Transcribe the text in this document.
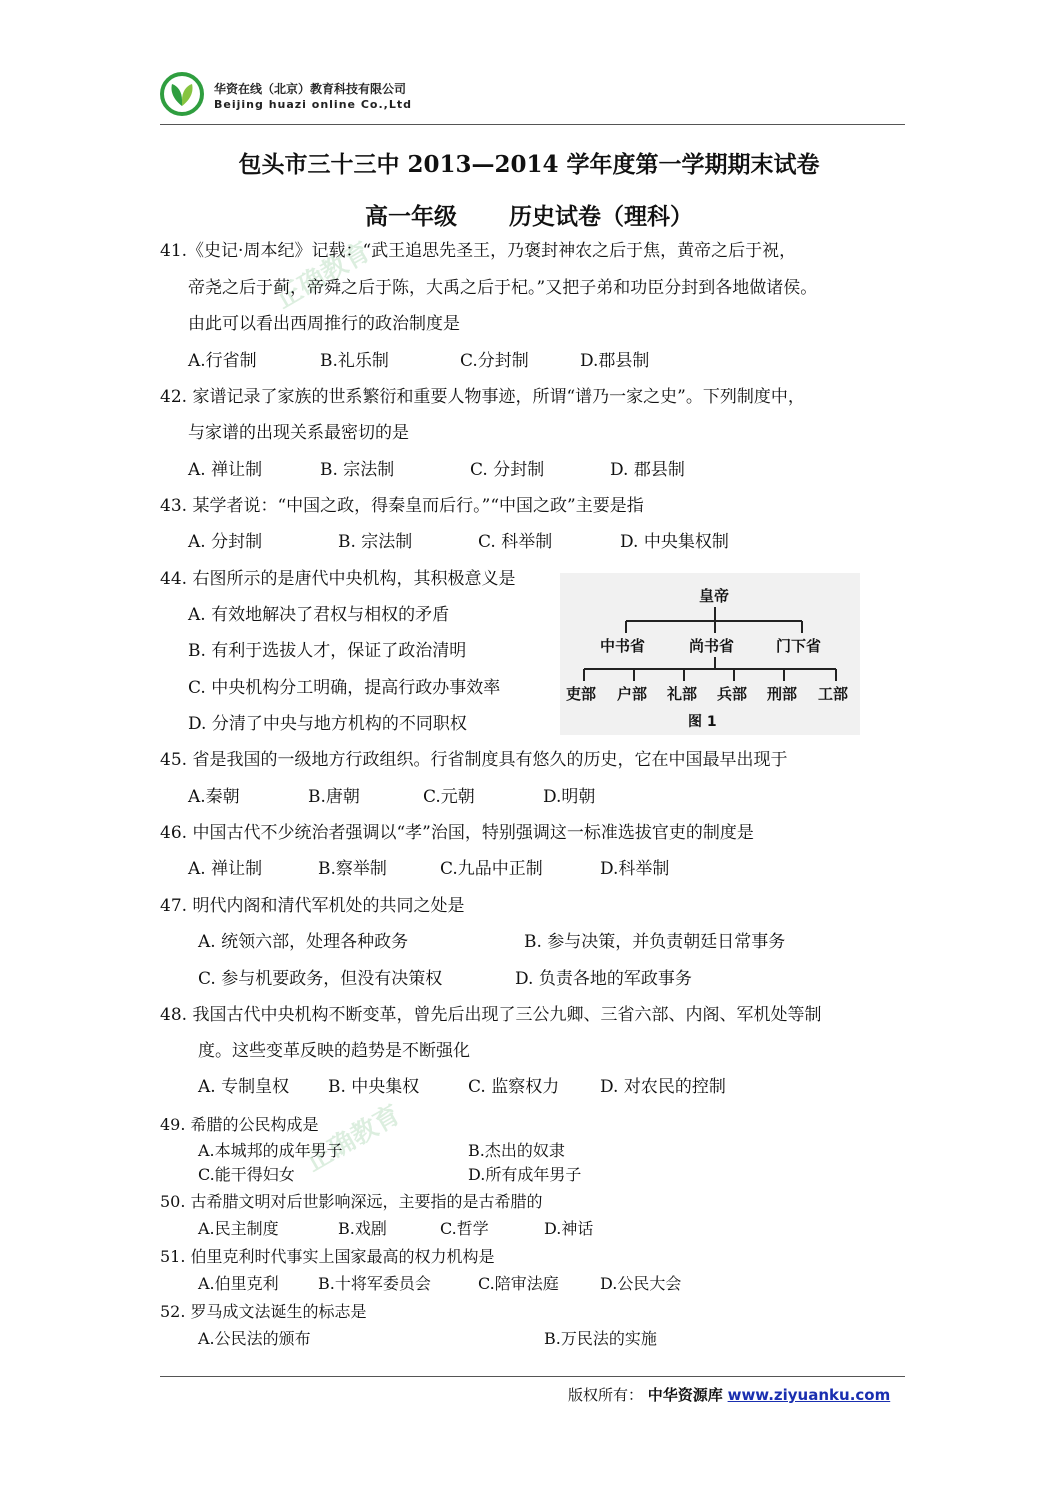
华资在线（北京）教育科技有限公司
Beijing huazi online Co.,Ltd
包头市三十三中 2013—2014 学年度第一学期期末试卷
高一年级 历史试卷（理科）
正确教育
正确教育
41.《史记·周本纪》记载：“武王追思先圣王，乃褒封神农之后于焦，黄帝之后于祝，
帝尧之后于蓟，帝舜之后于陈，大禹之后于杞。”又把子弟和功臣分封到各地做诸侯。
由此可以看出西周推行的政治制度是
A.行省制	B.礼乐制	C.分封制	D.郡县制
42. 家谱记录了家族的世系繁衍和重要人物事迹，所谓“谱乃一家之史”。下列制度中，
与家谱的出现关系最密切的是
A. 禅让制	B. 宗法制	C. 分封制	D. 郡县制
43. 某学者说：“中国之政，得秦皇而后行。”“中国之政”主要是指
A. 分封制	B. 宗法制	C. 科举制	D. 中央集权制
44. 右图所示的是唐代中央机构，其积极意义是
A. 有效地解决了君权与相权的矛盾
B. 有利于选拔人才，保证了政治清明
C. 中央机构分工明确，提高行政办事效率
D. 分清了中央与地方机构的不同职权
皇帝
中书省	尚书省	门下省
吏部 户部 礼部 兵部 刑部 工部
图 1
45. 省是我国的一级地方行政组织。行省制度具有悠久的历史，它在中国最早出现于
A.秦朝	B.唐朝	C.元朝	D.明朝
46. 中国古代不少统治者强调以“孝”治国，特别强调这一标准选拔官吏的制度是
A. 禅让制	B.察举制	C.九品中正制	D.科举制
47. 明代内阁和清代军机处的共同之处是
A. 统领六部，处理各种政务	B. 参与决策，并负责朝廷日常事务
C. 参与机要政务，但没有决策权	D. 负责各地的军政事务
48. 我国古代中央机构不断变革，曾先后出现了三公九卿、三省六部、内阁、军机处等制
度。这些变革反映的趋势是不断强化
A. 专制皇权 B. 中央集权	C. 监察权力 D. 对农民的控制
49. 希腊的公民构成是
A.本城邦的成年男子	B.杰出的奴隶
C.能干得妇女	D.所有成年男子
50. 古希腊文明对后世影响深远，主要指的是古希腊的
A.民主制度	B.戏剧	C.哲学	D.神话
51. 伯里克利时代事实上国家最高的权力机构是
A.伯里克利 B.十将军委员会	C.陪审法庭	D.公民大会
52. 罗马成文法诞生的标志是
A.公民法的颁布	B.万民法的实施
版权所有： 中华资源库 www.ziyuanku.com
